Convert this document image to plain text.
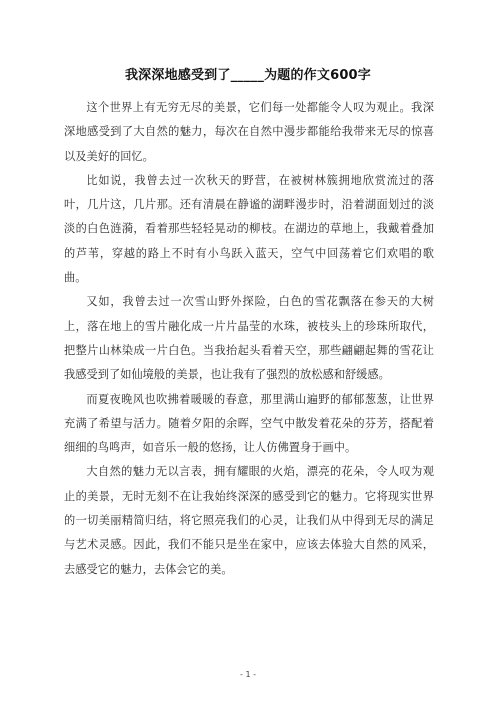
我深深地感受到了_____为题的作文600字

这个世界上有无穷无尽的美景，它们每一处都能令人叹为观止。我深深地感受到了大自然的魅力，每次在自然中漫步都能给我带来无尽的惊喜以及美好的回忆。

比如说，我曾去过一次秋天的野营，在被树林簇拥地欣赏流过的落叶，几片这，几片那。还有清晨在静谧的湖畔漫步时，沿着湖面划过的淡淡的白色涟漪，看着那些轻轻晃动的柳枝。在湖边的草地上，我戴着叠加的芦苇，穿越的路上不时有小鸟跃入蓝天，空气中回荡着它们欢唱的歌曲。

又如，我曾去过一次雪山野外探险，白色的雪花飘落在参天的大树上，落在地上的雪片融化成一片片晶莹的水珠，被枝头上的珍珠所取代，把整片山林染成一片白色。当我抬起头看着天空，那些翩翩起舞的雪花让我感受到了如仙境般的美景，也让我有了强烈的放松感和舒缓感。

而夏夜晚风也吹拂着暖暖的春意，那里满山遍野的郁郁葱葱，让世界充满了希望与活力。随着夕阳的余晖，空气中散发着花朵的芬芳，搭配着细细的鸟鸣声，如音乐一般的悠扬，让人仿佛置身于画中。

大自然的魅力无以言表，拥有耀眼的火焰，漂亮的花朵，令人叹为观止的美景，无时无刻不在让我始终深深的感受到它的魅力。它将现实世界的一切美丽精简归结，将它照亮我们的心灵，让我们从中得到无尽的满足与艺术灵感。因此，我们不能只是坐在家中，应该去体验大自然的风采，去感受它的魅力，去体会它的美。

- 1 -
